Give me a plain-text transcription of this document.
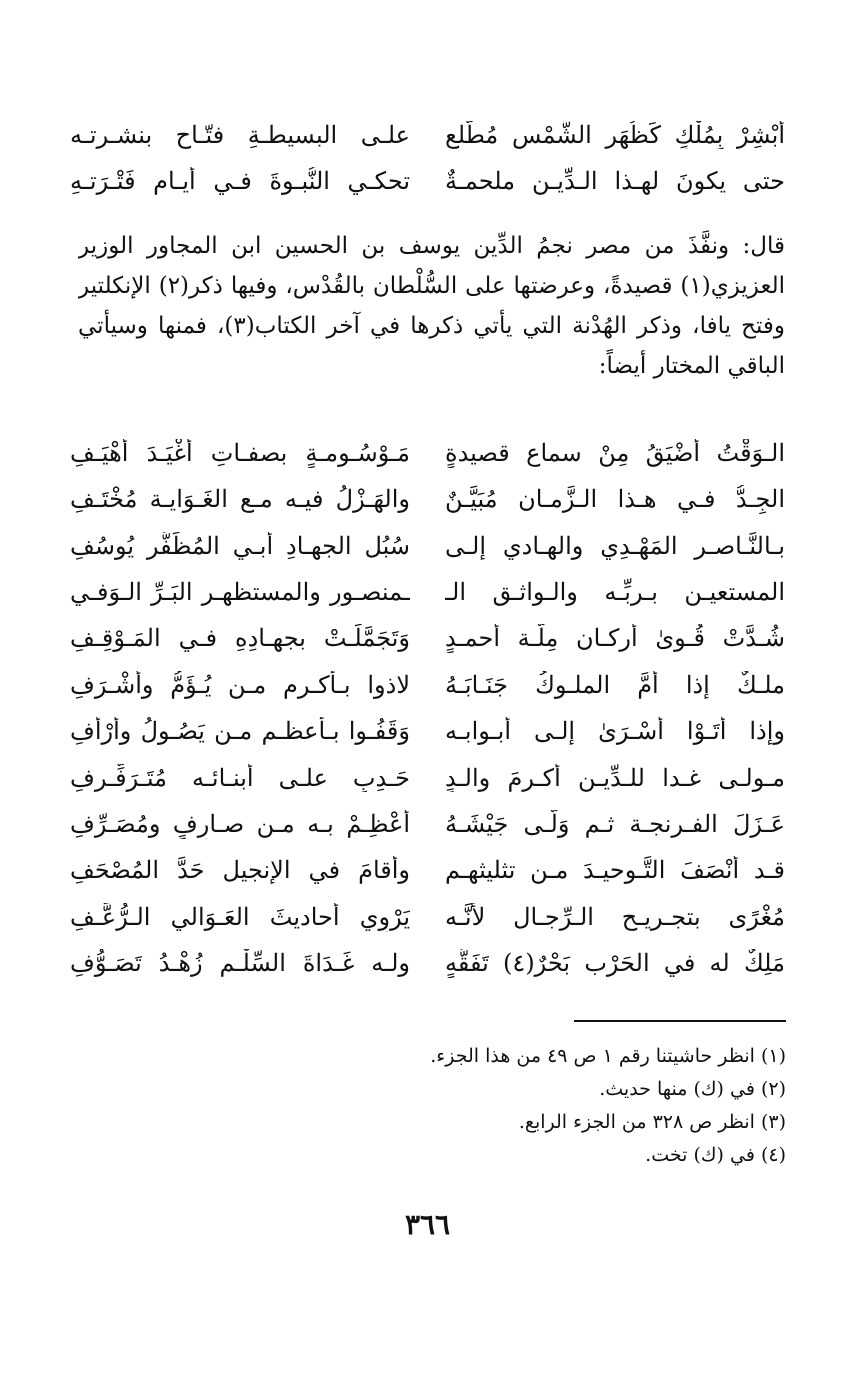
أَبْشِرْ بِمُلْكٍ كَظُهَرِ الشَّمْس مُطَّلع
علـى البسيطـةِ فتّـاحٍ بنشـرتـه
حتى يكونَ لهـذا الـدِّيـن ملحمـةٌ
تحكـي النُّبـوةَ فـي أيـام فَتْـرَتـهِ
قال: ونفَّذَ من مصر نجمُ الدِّين يوسف بن الحسين ابن المجاور الوزير
العزيزي(١) قصيدةً، وعرضتها على السُّلْطان بالقُدْس، وفيها ذكر(٢) الإنكلتير
وفتح يافا، وذكر الهُدْنة التي يأتي ذكرها في آخر الكتاب(٣)، فمنها وسيأتي
الباقي المختار أيضاً:
الـوَقْتُ أَضْيَقُ مِنْ سماعِ قصيدةٍ
مَـوْسُـومـةٍ بصفـاتِ أَغْيَـدَ أَهْيَـفِ
الجِـدُّ فـي هـذا الـزَّمـان مُبَيَّـنٌ
والهَـزْلُ فيـه مـع الغَـوَايـة مُخْتَـفِ
بـالنَّـاصـرِ المَهْـدِي والهـادي إلـى
سُبُلِ الجهـادِ أبـي المُظَفَّرِ يُوسُفِ
المستعيـنِ بـربِّـه والـواثـقِ الـ
ـمنصـورِ والمستظهـر البَـرِّ الـوَفـي
شُـدَّتْ قُـوىٰ أركـان مِلَّـة أحمـدٍ
وَتَجَمَّلَـتْ بجهـادِهِ فـي المَـوْقِـفِ
ملـكٌ إذا أَمَّ الملـوكُ جَنَـابَـهُ
لاذوا بـأكـرم مـن يُـؤَمُّ وأَشْـرَفِ
وإذا أَتَـوْا أَسْـرَىٰ إلـى أبـوابـه
وَقَفُـوا بـأعظـم مـن يَصُـولُ وأَرْأَفِ
مـولـى غـدا للـدِّيـن أكـرمَ والـدٍ
حَـدِبٍ علـى أبنـائـه مُتَـرَفِّـرِفِ
عَـزَلَ الفـرنجـة ثـم وَلَّـى جَيْشَـهُ
أَعْظِـمْ بـه مـن صـارِفٍ ومُصَـرِّفِ
قـد أَنْصَفَ التَّـوحيـدَ مـن تثليثهـم
وأقامَ في الإنجيل حَدَّ المُصْحَفِ
مُغْرًى بتجـريـح الـرِّجـال لأنَّـه
يَرْوِي أحاديثَ العَـوَالي الـرُّعَّـفِ
مَلِكٌ له في الحَرْب بَحْرٌ(٤) تَفَقُّهٍ
ولـه غَـدَاةَ السِّلْـم زُهْـدُ تَصَـوُّفِ
(١) انظر حاشيتنا رقم ١ ص ٤٩ من هذا الجزء.
(٢) في (ك) منها حديث.
(٣) انظر ص ٣٢٨ من الجزء الرابع.
(٤) في (ك) تخت.
٣٦٦
